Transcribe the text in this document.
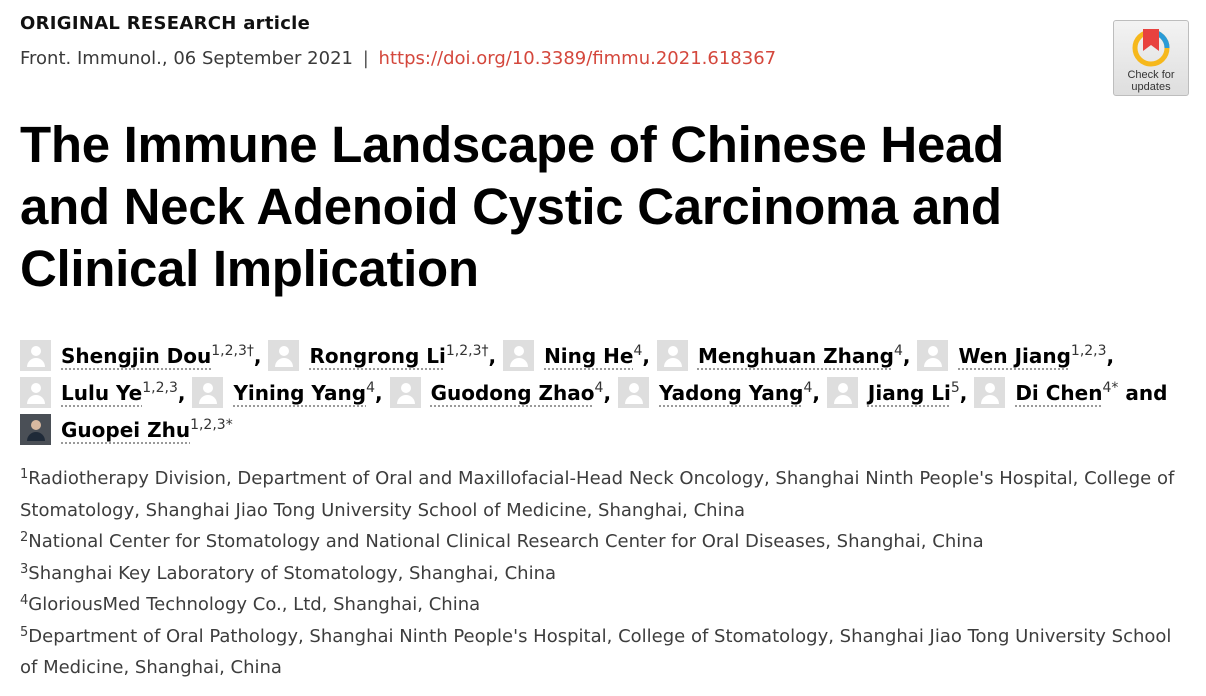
ORIGINAL RESEARCH article
Front. Immunol., 06 September 2021 | https://doi.org/10.3389/fimmu.2021.618367
Check for
updates
The Immune Landscape of Chinese Head and Neck Adenoid Cystic Carcinoma and Clinical Implication
Shengjin Dou$^{1,2,3\dagger}$,
Rongrong Li$^{1,2,3\dagger}$,
Ning He$^4$,
Menghuan Zhang$^4$,
Wen Jiang$^{1,2,3}$,
Lulu Ye$^{1,2,3}$,
Yining Yang$^4$,
Guodong Zhao$^4$,
Yadong Yang$^4$,
Jiang Li$^5$,
Di Chen$^{4*}$ and
Guopei Zhu$^{1,2,3*}$
$^1$Radiotherapy Division, Department of Oral and Maxillofacial-Head Neck Oncology, Shanghai Ninth People's Hospital, College of Stomatology, Shanghai Jiao Tong University School of Medicine, Shanghai, China
$^2$National Center for Stomatology and National Clinical Research Center for Oral Diseases, Shanghai, China
$^3$Shanghai Key Laboratory of Stomatology, Shanghai, China
$^4$GloriousMed Technology Co., Ltd, Shanghai, China
$^5$Department of Oral Pathology, Shanghai Ninth People's Hospital, College of Stomatology, Shanghai Jiao Tong University School of Medicine, Shanghai, China
